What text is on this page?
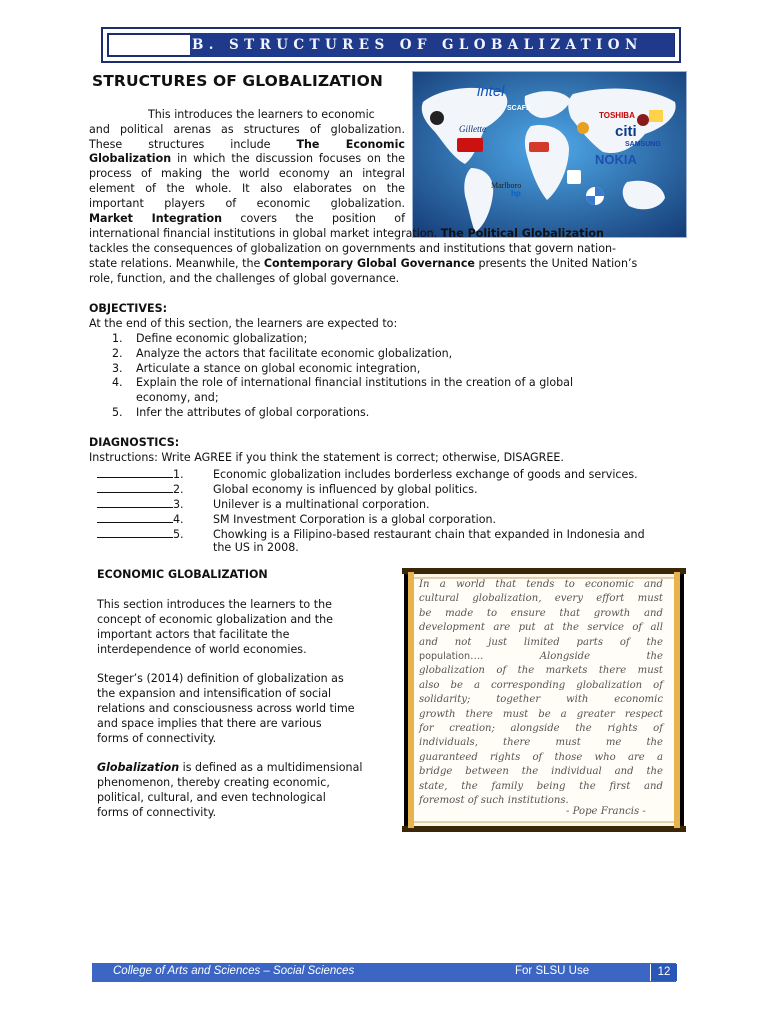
B. STRUCTURES OF GLOBALIZATION
STRUCTURES OF GLOBALIZATION
intel
SCAFE
TOSHIBA
citi
SAMSUNG
NOKIA
Gillette
Marlboro
hp
This introduces the learners to economic
and political arenas as structures of globalization.
These structures include The Economic
Globalization in which the discussion focuses on the
process of making the world economy an integral
element of the whole. It also elaborates on the
important players of economic globalization.
Market Integration covers the position of
international financial institutions in global market integration. The Political Globalization
tackles the consequences of globalization on governments and institutions that govern nation-
state relations. Meanwhile, the Contemporary Global Governance presents the United Nation’s
role, function, and the challenges of global governance.
OBJECTIVES:
At the end of this section, the learners are expected to:
1. Define economic globalization;
2. Analyze the actors that facilitate economic globalization,
3. Articulate a stance on global economic integration,
4. Explain the role of international financial institutions in the creation of a global
economy, and;
5. Infer the attributes of global corporations.
DIAGNOSTICS:
Instructions: Write AGREE if you think the statement is correct; otherwise, DISAGREE.
1.	Economic globalization includes borderless exchange of goods and services.
2.	Global economy is influenced by global politics.
3.	Unilever is a multinational corporation.
4.	SM Investment Corporation is a global corporation.
5.	Chowking is a Filipino-based restaurant chain that expanded in Indonesia and
the US in 2008.
ECONOMIC GLOBALIZATION
This section introduces the learners to the
concept of economic globalization and the
important actors that facilitate the
interdependence of world economies.
Steger’s (2014) definition of globalization as
the expansion and intensification of social
relations and consciousness across world time
and space implies that there are various
forms of connectivity.
Globalization is defined as a multidimensional
phenomenon, thereby creating economic,
political, cultural, and even technological
forms of connectivity.
In a world that tends to economic and
cultural globalization, every effort must
be made to ensure that growth and
development are put at the service of all
and not just limited parts of the
population….	Alongside	the
globalization of the markets there must
also be a corresponding globalization of
solidarity; together with economic
growth there must be a greater respect
for creation; alongside the rights of
individuals, there must me the
guaranteed rights of those who are a
bridge between the individual and the
state, the family being the first and
foremost of such institutions.
- Pope Francis -
College of Arts and Sciences – Social Sciences	For SLSU Use	12
